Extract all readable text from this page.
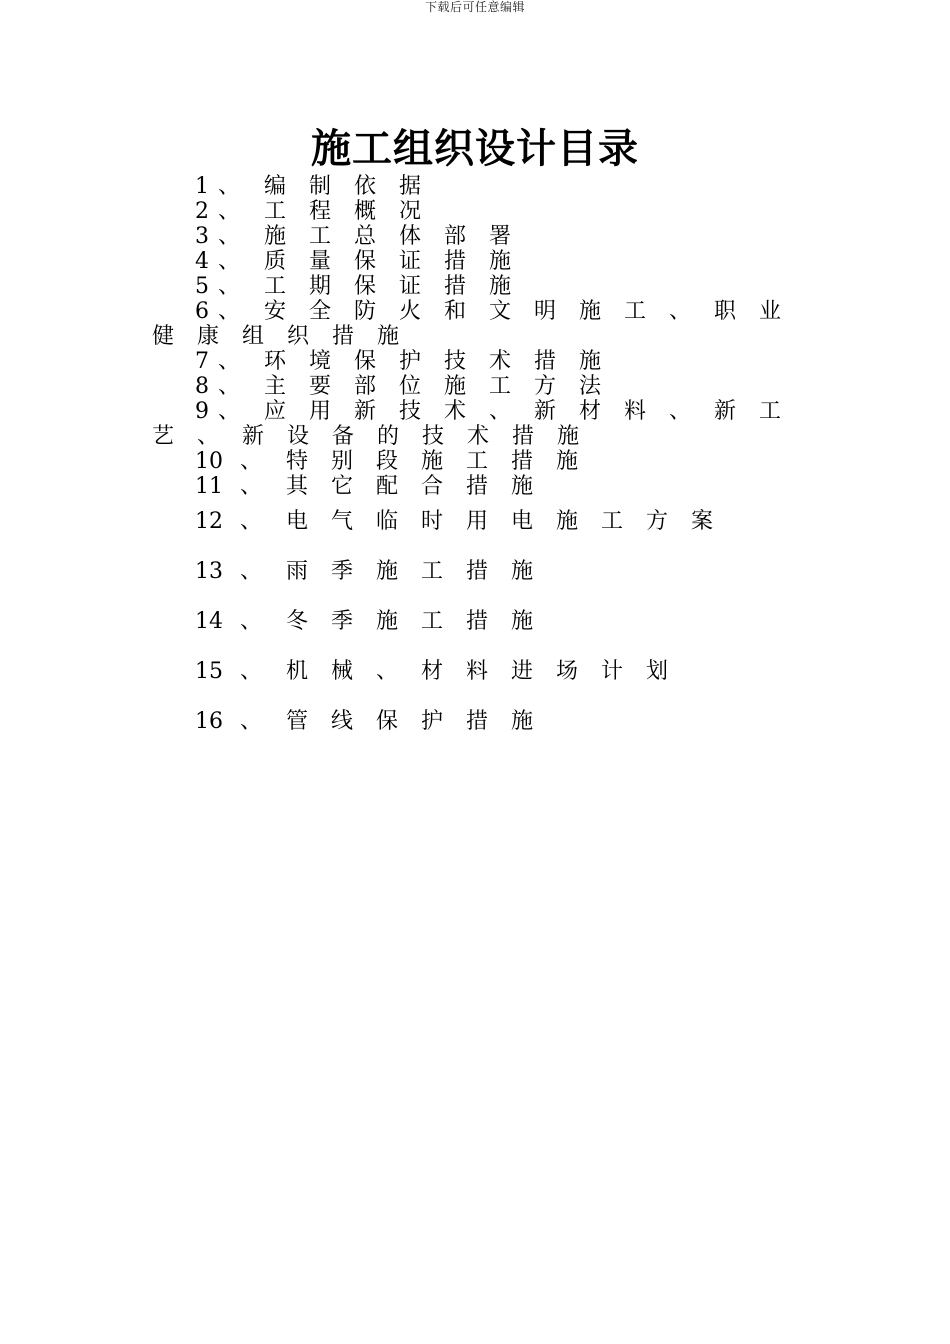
下载后可任意编辑
施工组织设计目录
1 、 编 制 依 据
2 、 工 程 概 况
3 、 施 工 总 体 部 署
4 、 质 量 保 证 措 施
5 、 工 期 保 证 措 施
6 、 安 全 防 火 和 文 明 施 工 、 职 业
健 康 组 织 措 施
7 、 环 境 保 护 技 术 措 施
8 、 主 要 部 位 施 工 方 法
9 、 应 用 新 技 术 、 新 材 料 、 新 工
艺 、 新 设 备 的 技 术 措 施
10 、 特 别 段 施 工 措 施
11 、 其 它 配 合 措 施
12 、 电 气 临 时 用 电 施 工 方 案
13 、 雨 季 施 工 措 施
14 、 冬 季 施 工 措 施
15 、 机 械 、 材 料 进 场 计 划
16 、 管 线 保 护 措 施
